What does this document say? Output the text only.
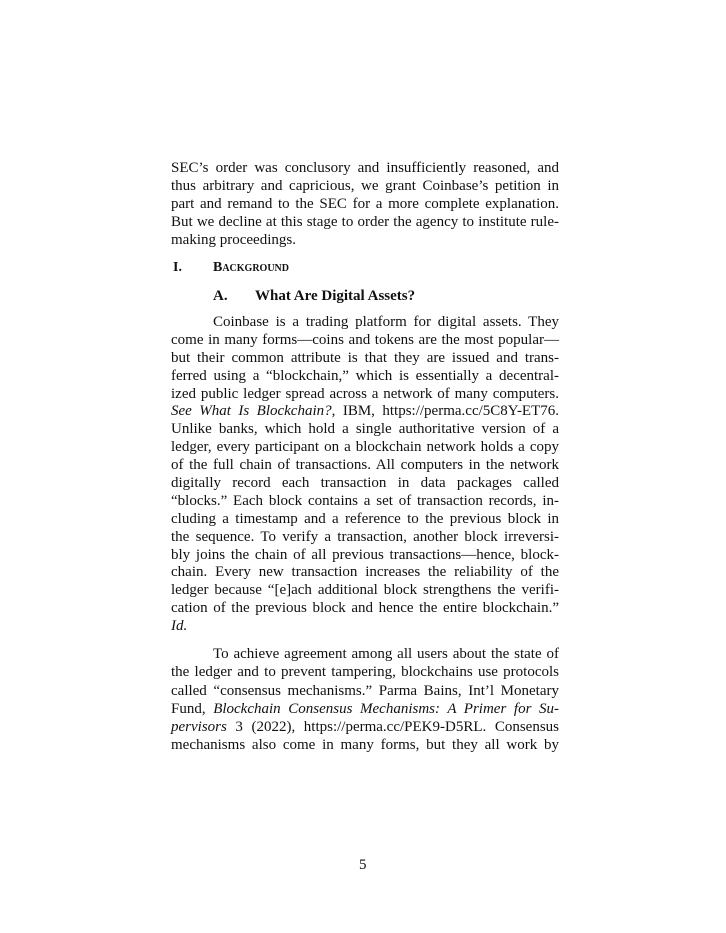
SEC’s order was conclusory and insufficiently reasoned, and
thus arbitrary and capricious, we grant Coinbase’s petition in
part and remand to the SEC for a more complete explanation.
But we decline at this stage to order the agency to institute rule-
making proceedings.
I. Background
A. What Are Digital Assets?
Coinbase is a trading platform for digital assets. They
come in many forms—coins and tokens are the most popular—
but their common attribute is that they are issued and trans-
ferred using a “blockchain,” which is essentially a decentral-
ized public ledger spread across a network of many computers.
See What Is Blockchain?, IBM, https://perma.cc/5C8Y-ET76.
Unlike banks, which hold a single authoritative version of a
ledger, every participant on a blockchain network holds a copy
of the full chain of transactions. All computers in the network
digitally record each transaction in data packages called
“blocks.” Each block contains a set of transaction records, in-
cluding a timestamp and a reference to the previous block in
the sequence. To verify a transaction, another block irreversi-
bly joins the chain of all previous transactions—hence, block-
chain. Every new transaction increases the reliability of the
ledger because “[e]ach additional block strengthens the verifi-
cation of the previous block and hence the entire blockchain.”
Id.
To achieve agreement among all users about the state of
the ledger and to prevent tampering, blockchains use protocols
called “consensus mechanisms.” Parma Bains, Int’l Monetary
Fund, Blockchain Consensus Mechanisms: A Primer for Su-
pervisors 3 (2022), https://perma.cc/PEK9-D5RL. Consensus
mechanisms also come in many forms, but they all work by
5
